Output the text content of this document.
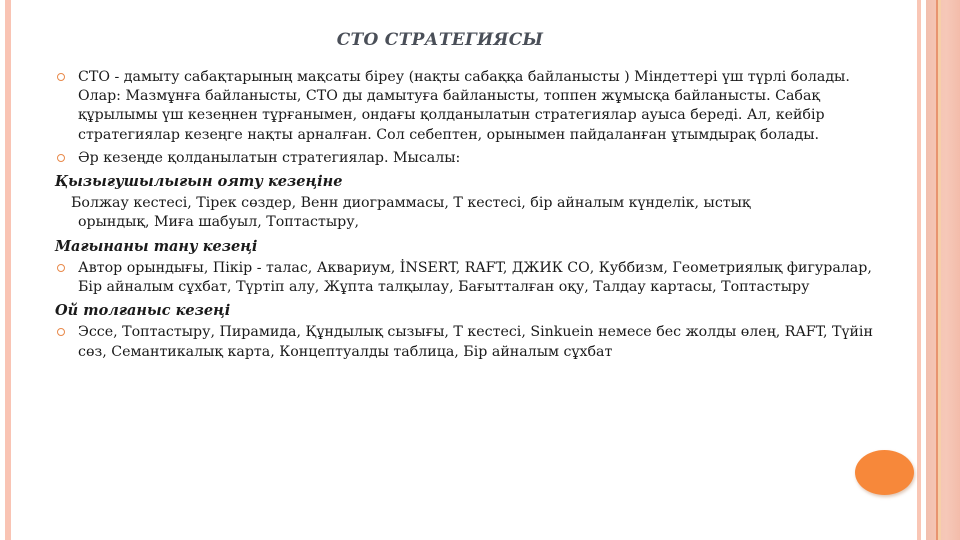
СТО СТРАТЕГИЯСЫ
СТО - дамыту сабақтарының мақсаты біреу (нақты сабаққа байланысты ) Міндеттері үш түрлі болады. Олар: Мазмұнға байланысты, СТО ды дамытуға байланысты, топпен жұмысқа байланысты. Сабақ құрылымы үш кезеңнен тұрғанымен, ондағы қолданылатын стратегиялар ауыса береді. Ал, кейбір стратегиялар кезеңге нақты арналған. Сол себептен, орынымен пайдаланған ұтымдырақ болады.
Әр кезеңде қолданылатын стратегиялар. Мысалы:
Қызығушылығын ояту кезеңіне
Болжау кестесі, Тірек сөздер, Венн диограммасы, Т кестесі, бір айналым күнделік, ыстық
орындық, Миға шабуыл, Топтастыру,
Мағынаны тану кезеңі
Автор орындығы, Пікір - талас, Аквариум, İNSERT, RAFT, ДЖИК СО, Куббизм, Геометриялық фигуралар, Бір айналым сұхбат, Түртіп алу, Жұпта талқылау, Бағытталған оқу, Талдау картасы, Топтастыру
Ой толғаныс кезеңі
Эссе, Топтастыру, Пирамида, Құндылық сызығы, Т кестесі, Sinkuein немесе бес жолды өлең, RAFT, Түйін сөз, Семантикалық карта, Концептуалды таблица, Бір айналым сұхбат
